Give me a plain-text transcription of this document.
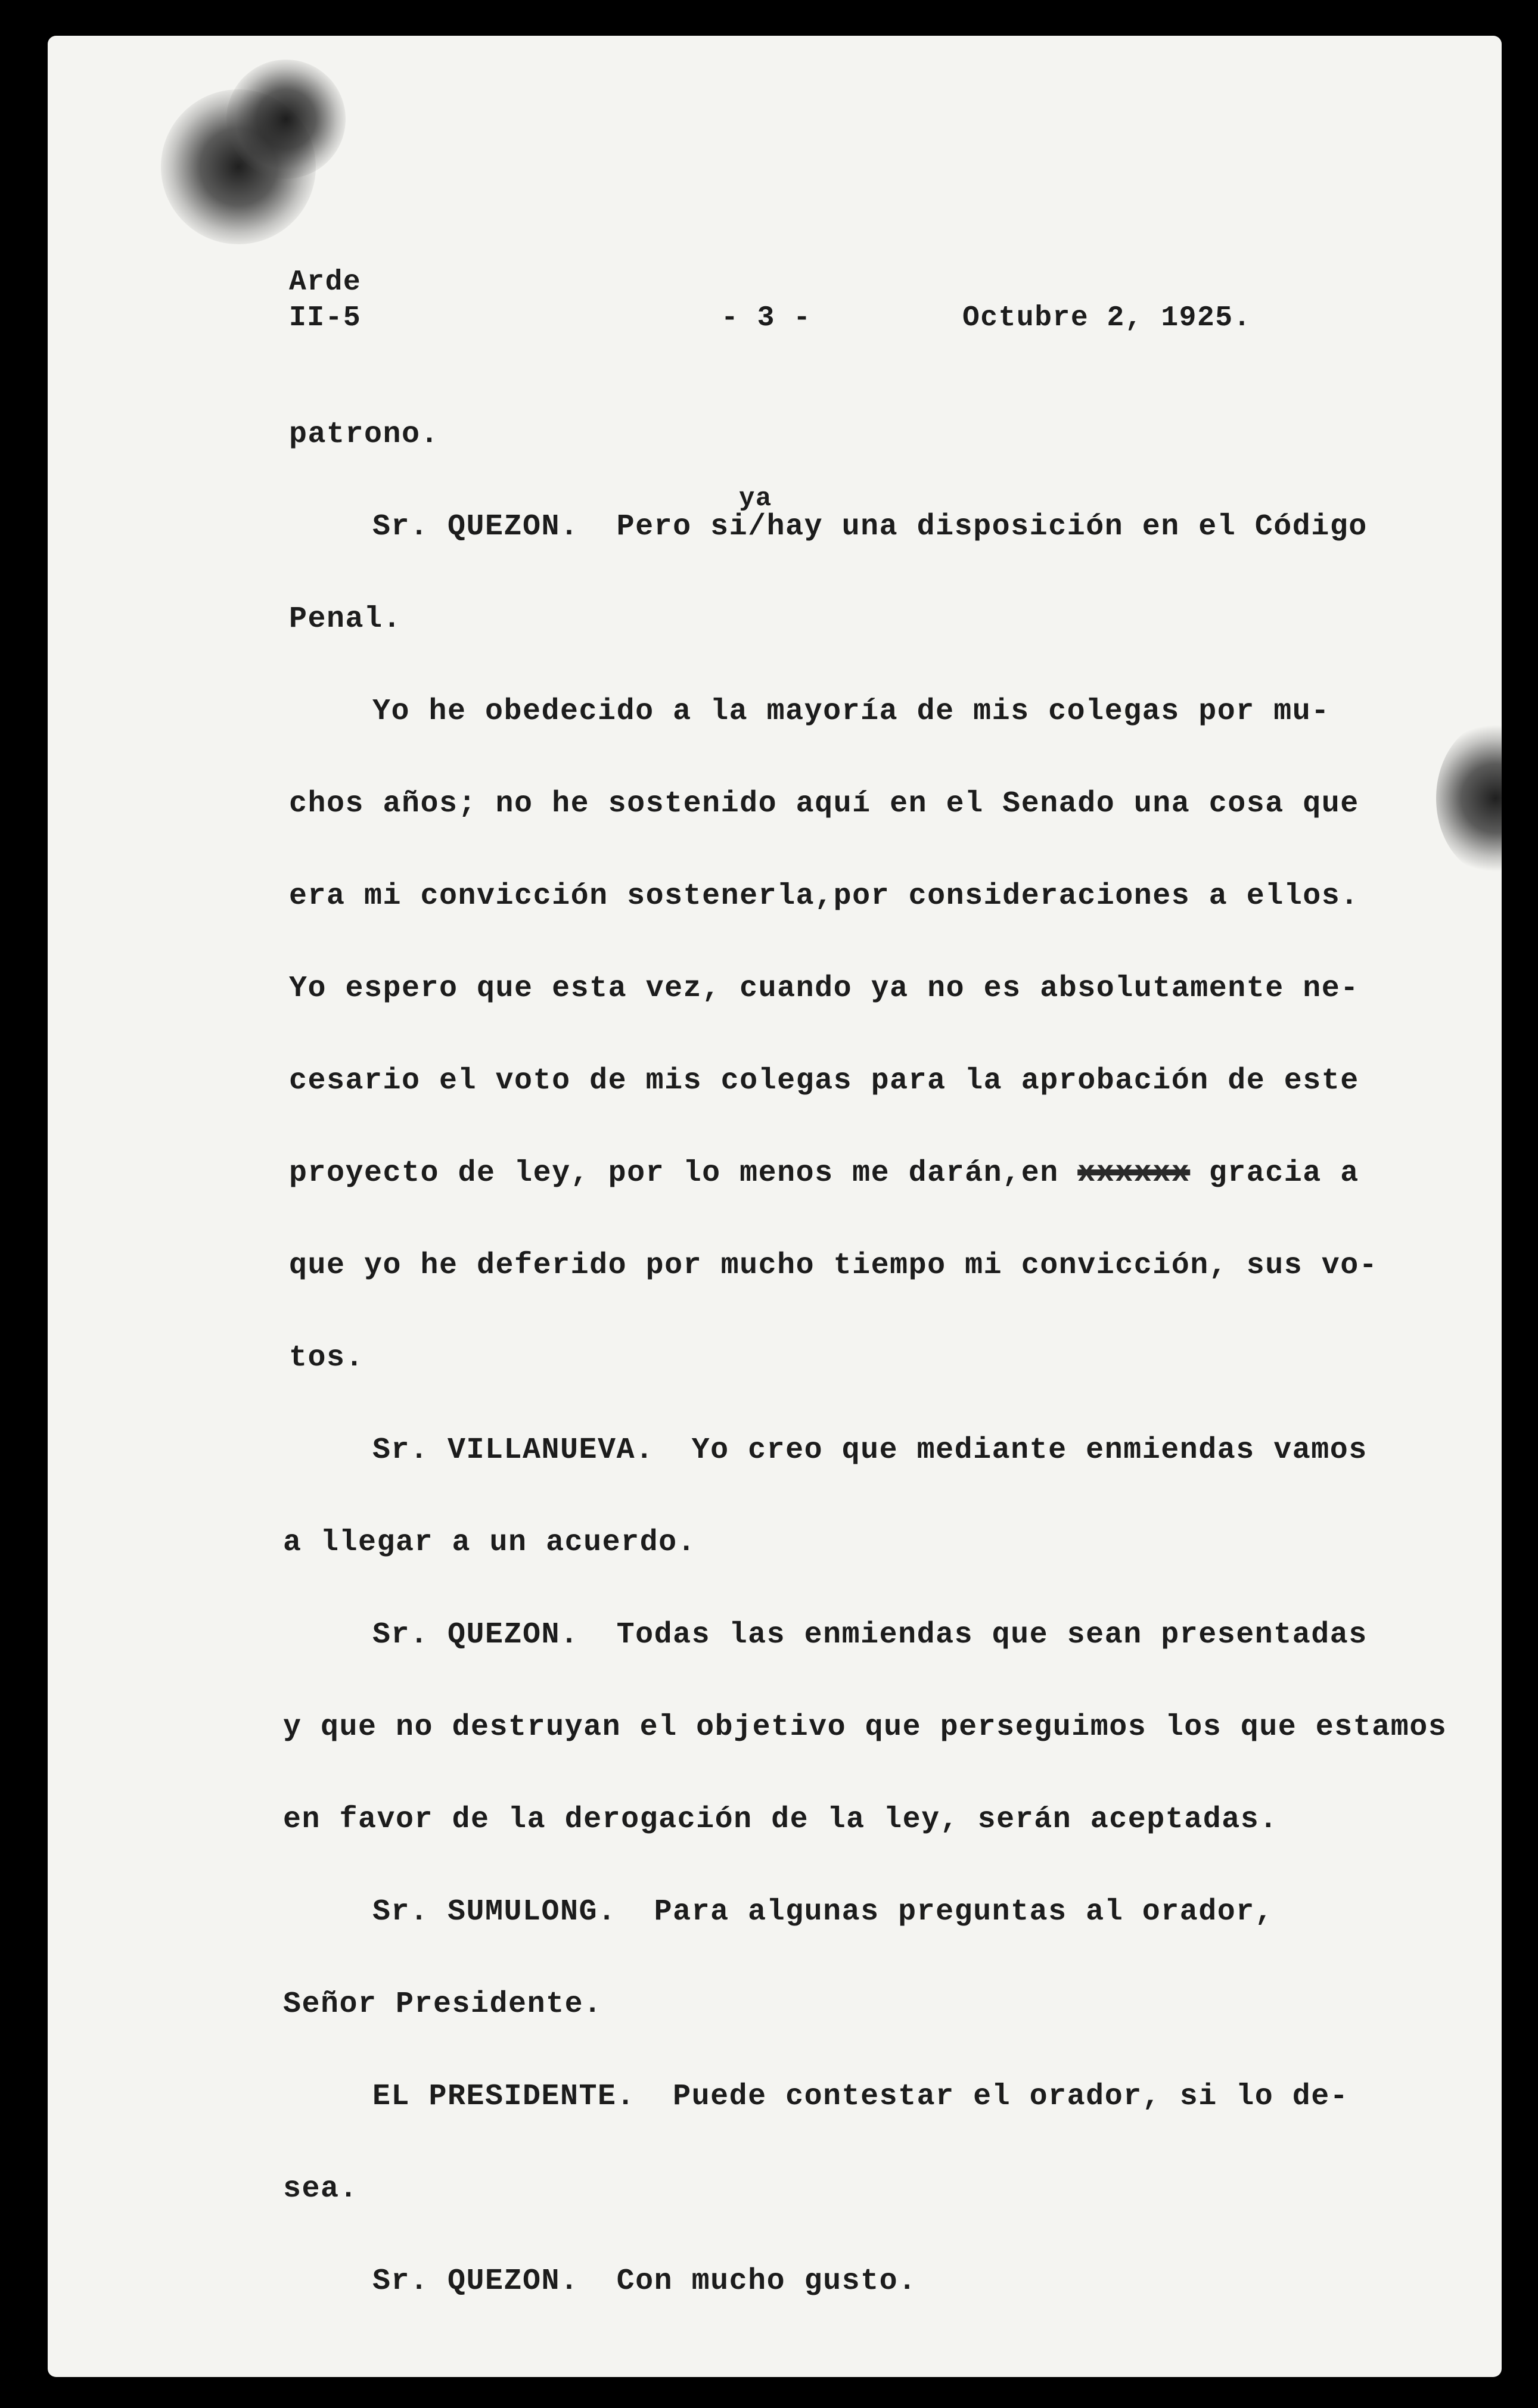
Arde
II-5	- 3 -	Octubre 2, 1925.
patrono.
ya
Sr. QUEZON.  Pero si/hay una disposición en el Código
Penal.
Yo he obedecido a la mayoría de mis colegas por mu-
chos años; no he sostenido aquí en el Senado una cosa que
era mi convicción sostenerla,por consideraciones a ellos.
Yo espero que esta vez, cuando ya no es absolutamente ne-
cesario el voto de mis colegas para la aprobación de este
proyecto de ley, por lo menos me darán,en xxxxxx gracia a
que yo he deferido por mucho tiempo mi convicción, sus vo-
tos.
Sr. VILLANUEVA.  Yo creo que mediante enmiendas vamos
a llegar a un acuerdo.
Sr. QUEZON.  Todas las enmiendas que sean presentadas
y que no destruyan el objetivo que perseguimos los que estamos
en favor de la derogación de la ley, serán aceptadas.
Sr. SUMULONG.  Para algunas preguntas al orador,
Señor Presidente.
EL PRESIDENTE.  Puede contestar el orador, si lo de-
sea.
Sr. QUEZON.  Con mucho gusto.
